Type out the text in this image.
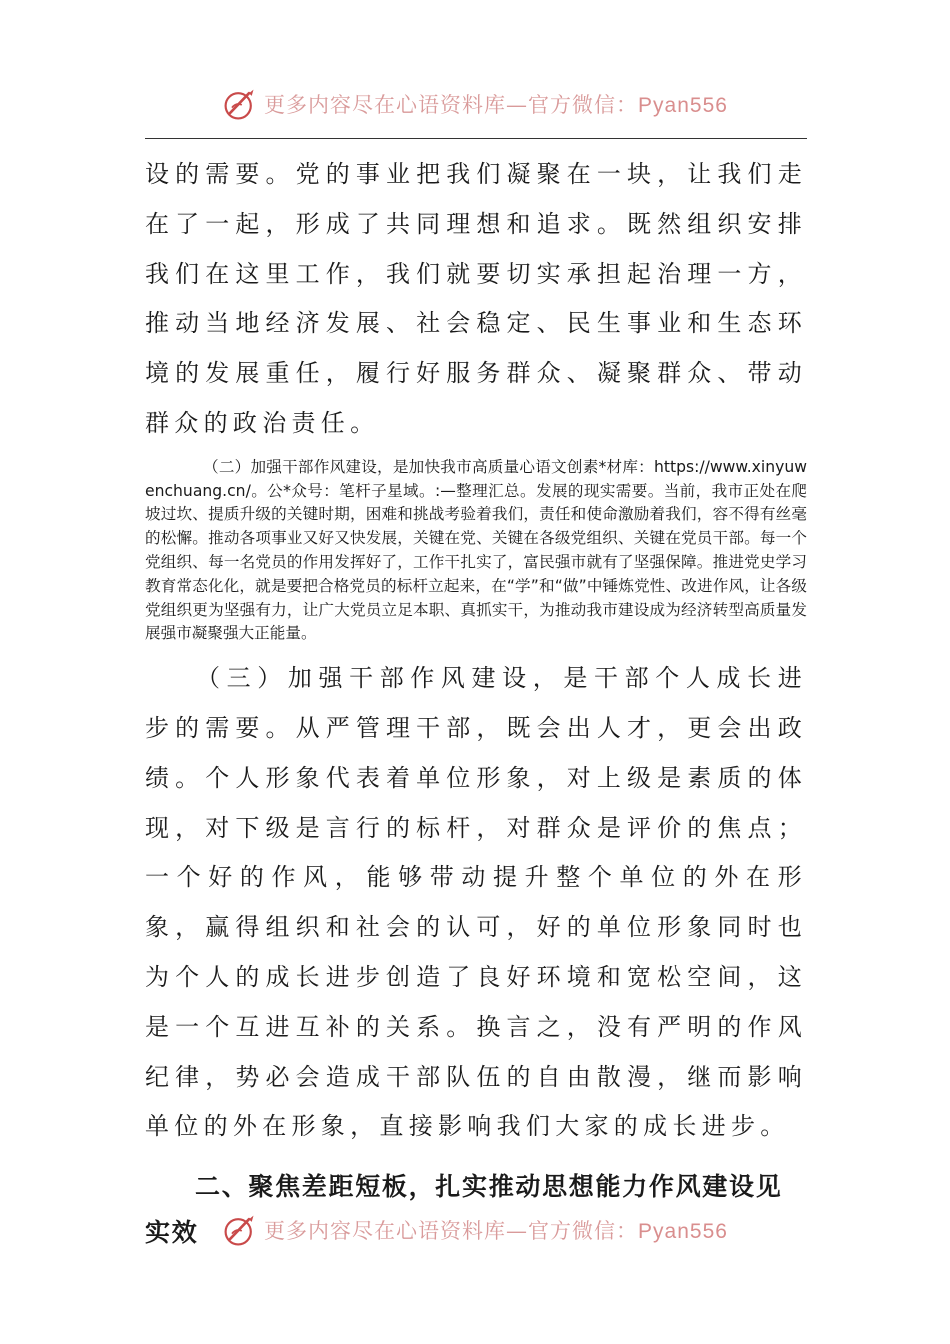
更多内容尽在心语资料库—官方微信：Pyan556

设的需要。党的事业把我们凝聚在一块，让我们走在了一起，形成了共同理想和追求。既然组织安排我们在这里工作，我们就要切实承担起治理一方，推动当地经济发展、社会稳定、民生事业和生态环境的发展重任，履行好服务群众、凝聚群众、带动群众的政治责任。

（二）加强干部作风建设，是加快我市高质量心语文创素*材库：https://www.xinyuwenchuang.cn/。公*众号：笔杆子星域。:—整理汇总。发展的现实需要。当前，我市正处在爬坡过坎、提质升级的关键时期，困难和挑战考验着我们，责任和使命激励着我们，容不得有丝毫的松懈。推动各项事业又好又快发展，关键在党、关键在各级党组织、关键在党员干部。每一个党组织、每一名党员的作用发挥好了，工作干扎实了，富民强市就有了坚强保障。推进党史学习教育常态化化，就是要把合格党员的标杆立起来，在“学”和“做”中锤炼党性、改进作风，让各级党组织更为坚强有力，让广大党员立足本职、真抓实干，为推动我市建设成为经济转型高质量发展强市凝聚强大正能量。

（三）加强干部作风建设，是干部个人成长进步的需要。从严管理干部，既会出人才，更会出政绩。个人形象代表着单位形象，对上级是素质的体现，对下级是言行的标杆，对群众是评价的焦点；一个好的作风，能够带动提升整个单位的外在形象，赢得组织和社会的认可，好的单位形象同时也为个人的成长进步创造了良好环境和宽松空间，这是一个互进互补的关系。换言之，没有严明的作风纪律，势必会造成干部队伍的自由散漫，继而影响单位的外在形象，直接影响我们大家的成长进步。

二、聚焦差距短板，扎实推动思想能力作风建设见实效	更多内容尽在心语资料库—官方微信：Pyan556
